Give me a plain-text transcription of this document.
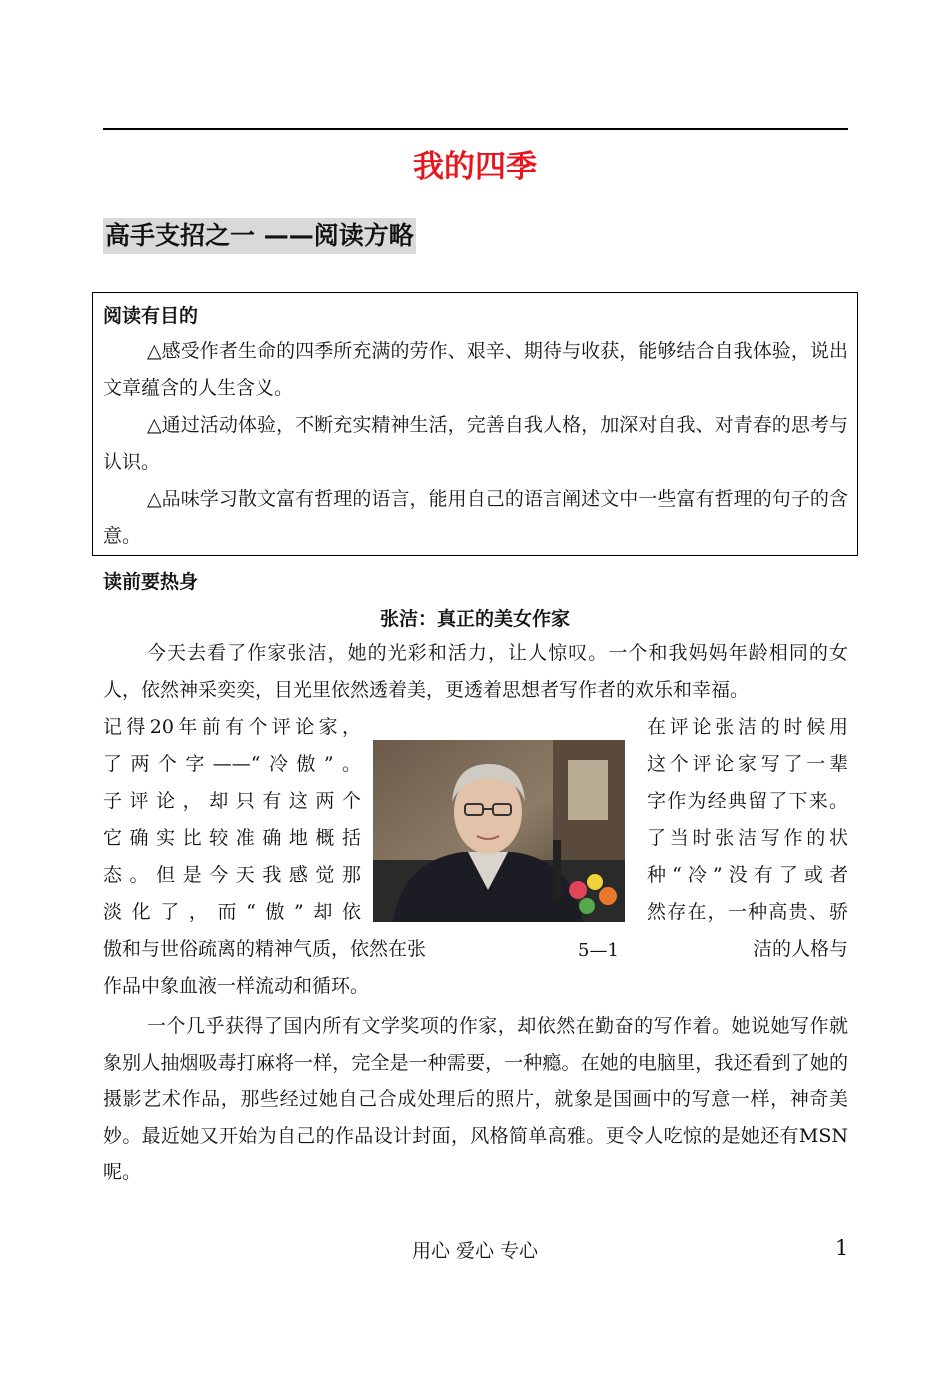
我的四季
高手支招之一 ——阅读方略
阅读有目的

△感受作者生命的四季所充满的劳作、艰辛、期待与收获，能够结合自我体验，说出文章蕴含的人生含义。

△通过活动体验，不断充实精神生活，完善自我人格，加深对自我、对青春的思考与认识。

△品味学习散文富有哲理的语言，能用自己的语言阐述文中一些富有哲理的句子的含意。

读前要热身
张洁：真正的美女作家

今天去看了作家张洁，她的光彩和活力，让人惊叹。一个和我妈妈年龄相同的女人，依然神采奕奕，目光里依然透着美，更透着思想者写作者的欢乐和幸福。

记得20年前有个评论家，	在评论张洁的时候用
了两个字——“冷傲”。	这个评论家写了一辈
子评论，却只有这两个	字作为经典留了下来。
它确实比较准确地概括	了当时张洁写作的状
态。但是今天我感觉那	种“冷”没有了或者
淡化了，而“傲”却依	然存在，一种高贵、骄
傲和与世俗疏离的精神气质，依然在张	5—1	洁的人格与
作品中象血液一样流动和循环。

一个几乎获得了国内所有文学奖项的作家，却依然在勤奋的写作着。她说她写作就象别人抽烟吸毒打麻将一样，完全是一种需要，一种瘾。在她的电脑里，我还看到了她的摄影艺术作品，那些经过她自己合成处理后的照片，就象是国画中的写意一样，神奇美妙。最近她又开始为自己的作品设计封面，风格简单高雅。更令人吃惊的是她还有MSN呢。

用心 爱心 专心	1
